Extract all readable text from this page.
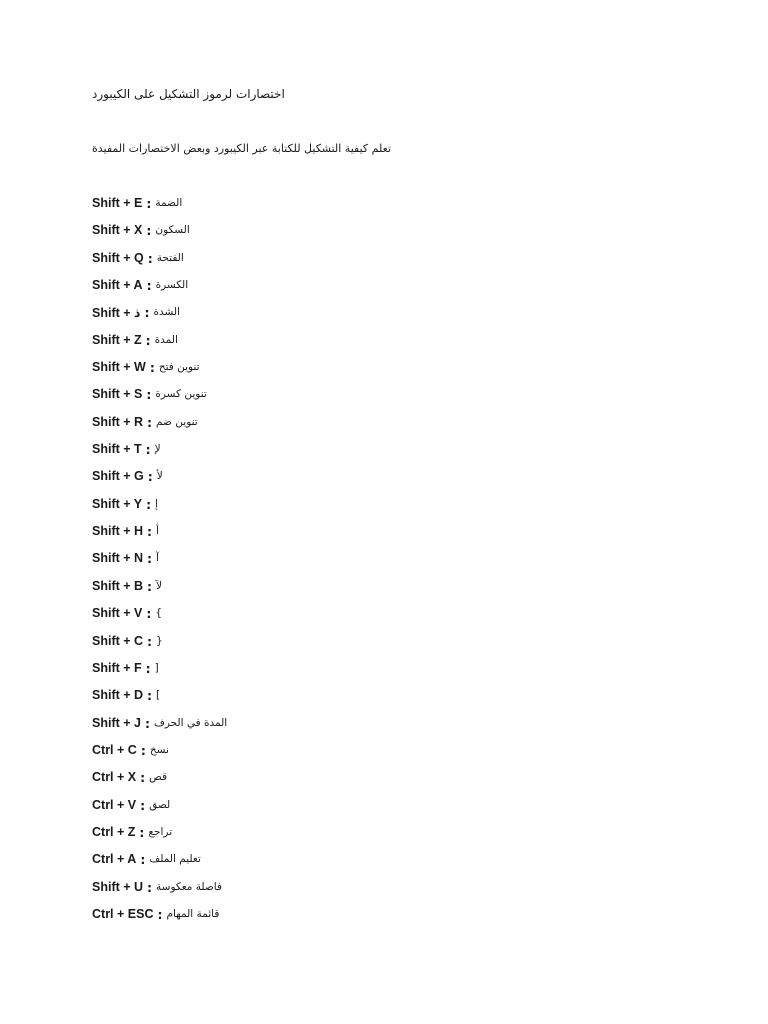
اختصارات لرموز التشكيل على الكيبورد
تعلم كيفية التشكيل للكتابة عبر الكيبورد وبعض الاختصارات المفيدة
Shift + E : الضمة
Shift + X : السكون
Shift + Q : الفتحة
Shift + A : الكسرة
Shift + ذ : الشدة
Shift + Z : المدة
Shift + W : تنوين فتح
Shift + S : تنوين كسرة
Shift + R : تنوين ضم
Shift + T : لإ
Shift + G : لأ
Shift + Y : إ
Shift + H : أ
Shift + N : آ
Shift + B : لآ
Shift + V : {
Shift + C : }
Shift + F : ]
Shift + D : [
Shift + J : المدة في الحرف
Ctrl + C : نسخ
Ctrl + X : قص
Ctrl + V : لصق
Ctrl + Z : تراجع
Ctrl + A : تعليم الملف
Shift + U : فاصلة معكوسة
Ctrl + ESC : قائمة المهام
